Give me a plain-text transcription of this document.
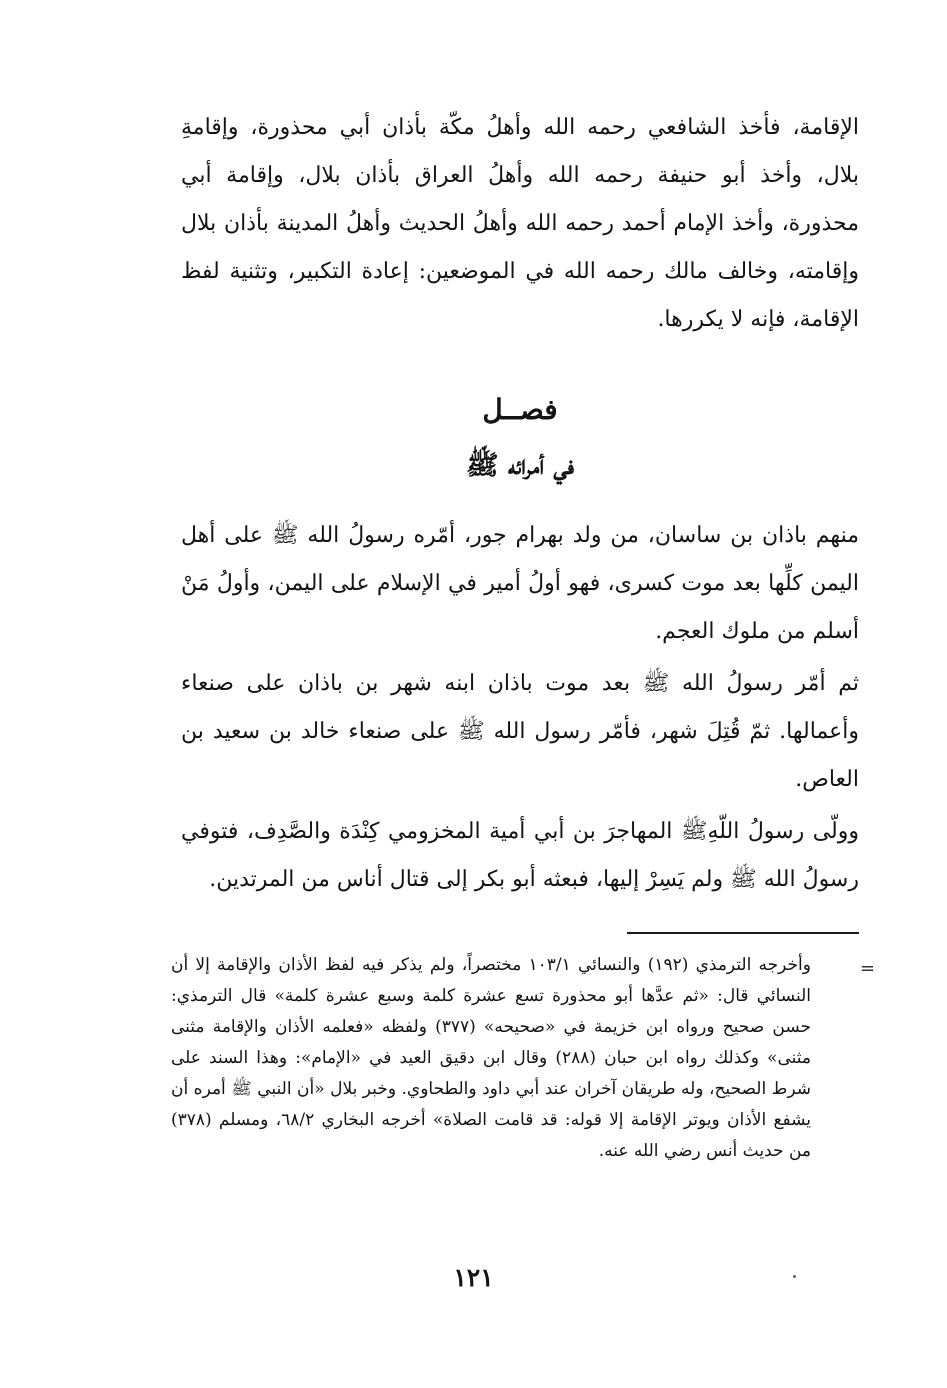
الإقامة، فأخذ الشافعي رحمه الله وأهلُ مكّة بأذان أبي محذورة، وإقامةِ بلال، وأخذ أبو حنيفة رحمه الله وأهلُ العراق بأذان بلال، وإقامة أبي محذورة، وأخذ الإمام أحمد رحمه الله وأهلُ الحديث وأهلُ المدينة بأذان بلال وإقامته، وخالف مالك رحمه الله في الموضعين: إعادة التكبير، وتثنية لفظ الإقامة، فإنه لا يكررها.

فصــل
في أمرائه ﷺ

منهم باذان بن ساسان، من ولد بهرام جور، أمّره رسولُ الله ﷺ على أهل اليمن كلِّها بعد موت كسرى، فهو أولُ أمير في الإسلام على اليمن، وأولُ مَنْ أسلم من ملوك العجم.

ثم أمّر رسولُ الله ﷺ بعد موت باذان ابنه شهر بن باذان على صنعاء وأعمالها. ثمّ قُتِلَ شهر، فأمّر رسول الله ﷺ على صنعاء خالد بن سعيد بن العاص.

وولّى رسولُ اللّهِﷺ المهاجرَ بن أبي أمية المخزومي كِنْدَة والصَّدِف، فتوفي رسولُ الله ﷺ ولم يَسِرْ إليها، فبعثه أبو بكر إلى قتال أناس من المرتدين.

=

وأخرجه الترمذي (١٩٢) والنسائي ١٠٣/١ مختصراً، ولم يذكر فيه لفظ الأذان والإقامة إلا أن النسائي قال: «ثم عدَّها أبو محذورة تسع عشرة كلمة وسبع عشرة كلمة» قال الترمذي: حسن صحيح ورواه ابن خزيمة في «صحيحه» (٣٧٧) ولفظه «فعلمه الأذان والإقامة مثنى مثنى» وكذلك رواه ابن حبان (٢٨٨) وقال ابن دقيق العيد في «الإمام»: وهذا السند على شرط الصحيح، وله طريقان آخران عند أبي داود والطحاوي. وخبر بلال «أن النبي ﷺ أمره أن يشفع الأذان ويوتر الإقامة إلا قوله: قد قامت الصلاة» أخرجه البخاري ٦٨/٢، ومسلم (٣٧٨) من حديث أنس رضي الله عنه.

١٢١
